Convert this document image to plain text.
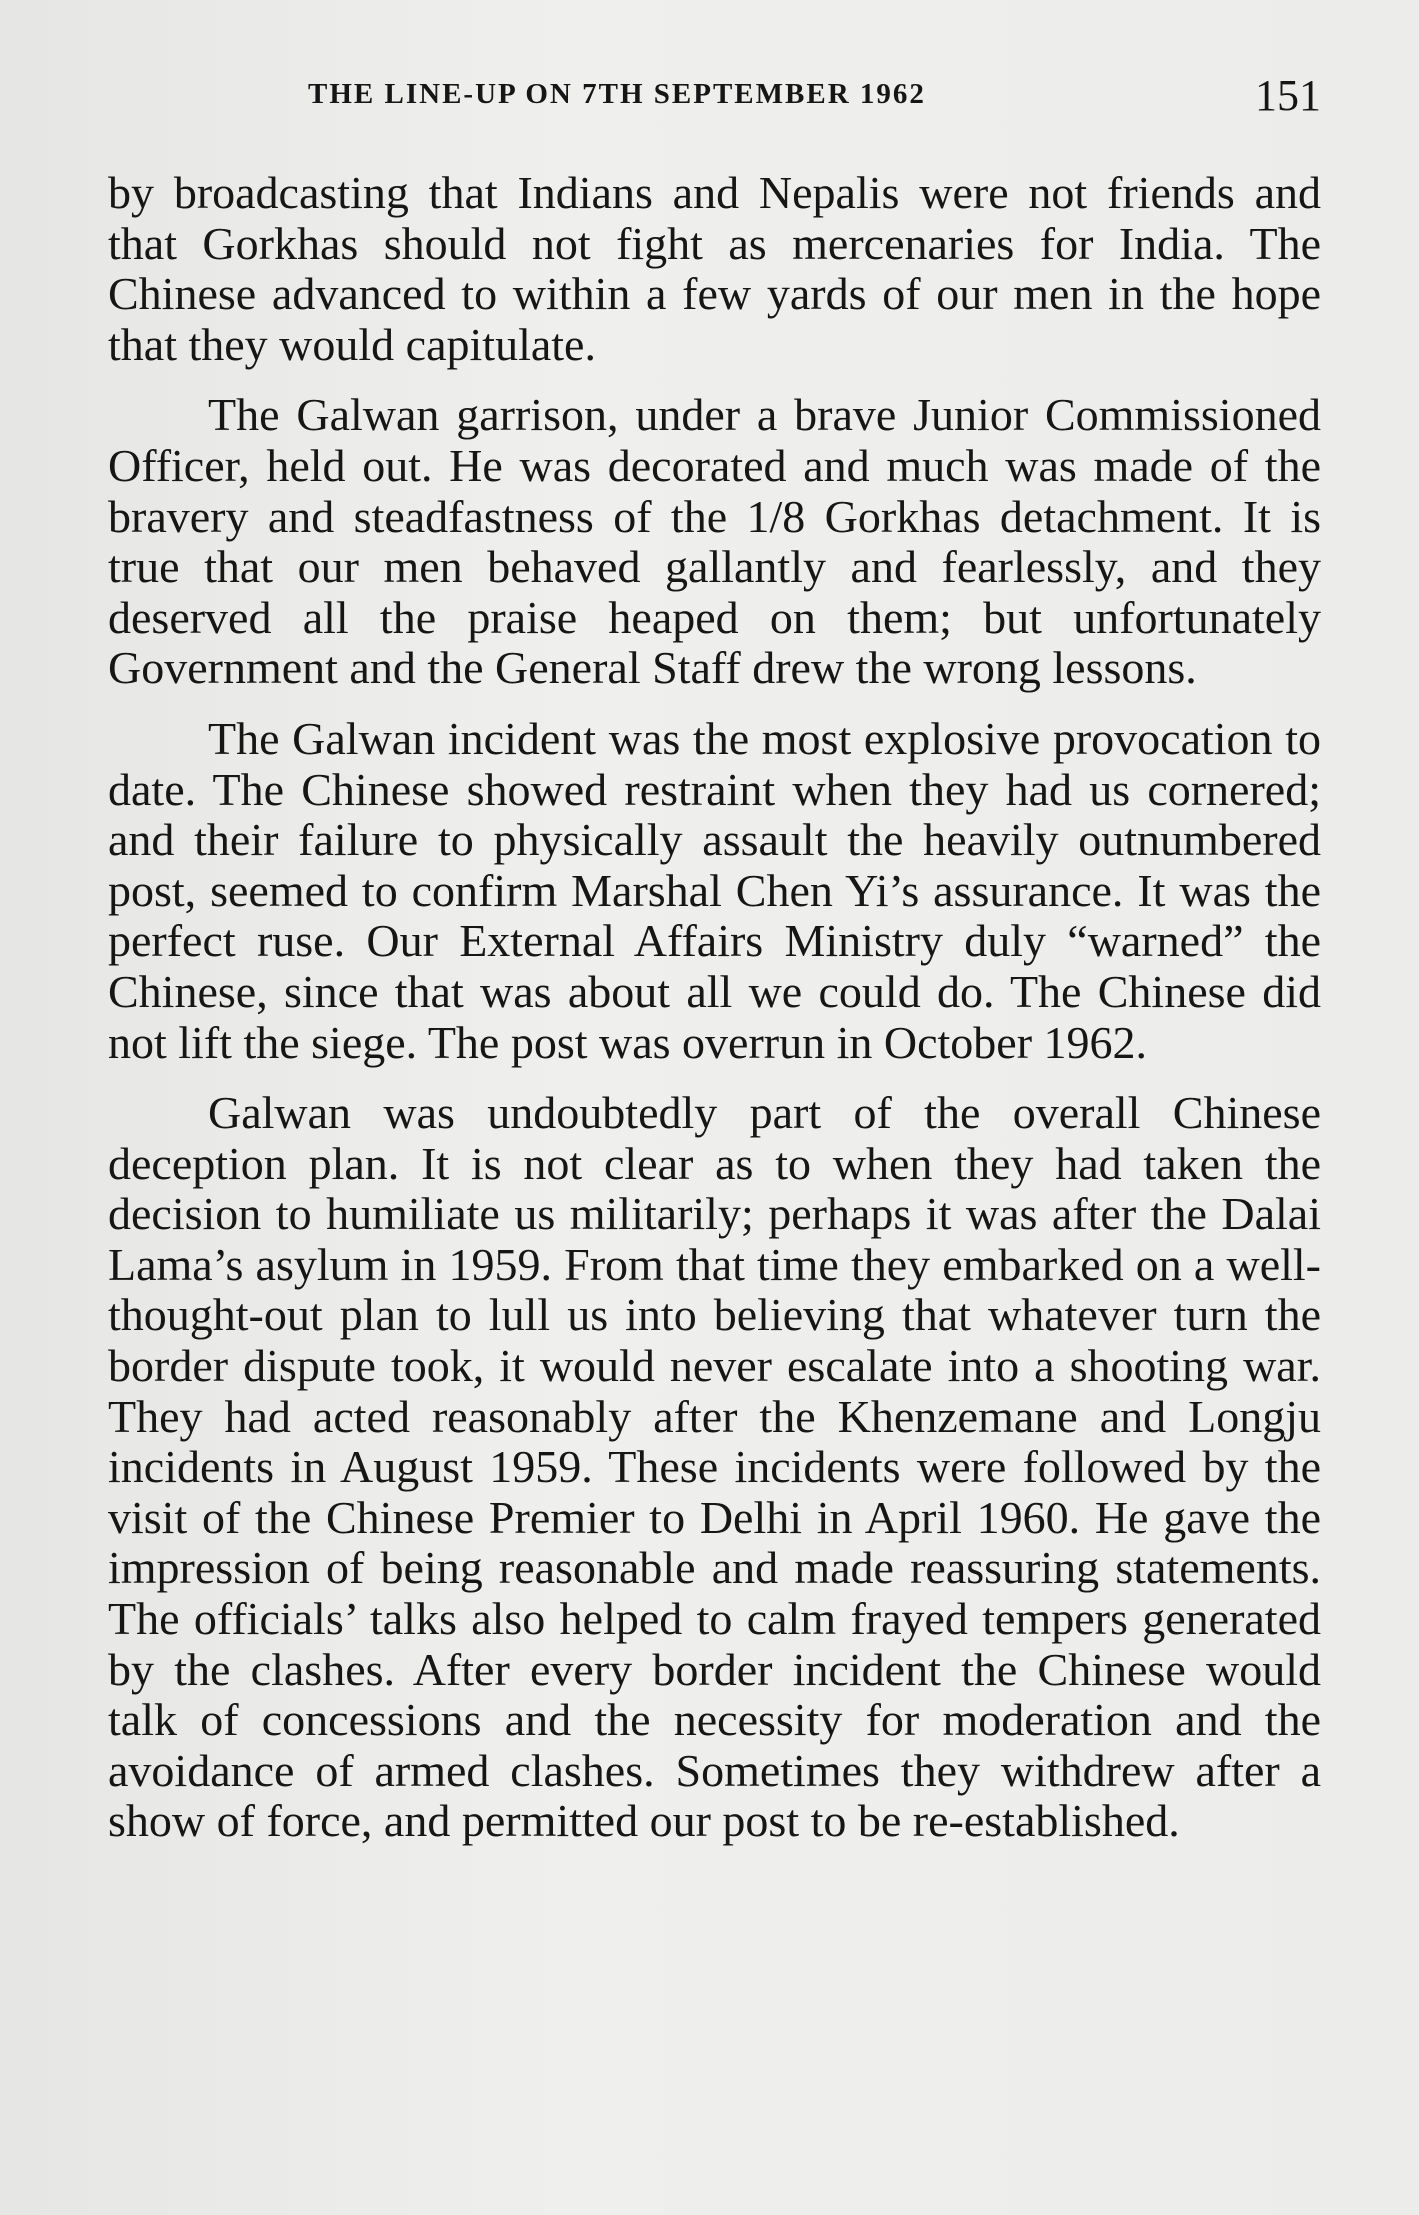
THE LINE-UP ON 7TH SEPTEMBER 1962	151

by broadcasting that Indians and Nepalis were not friends and that Gorkhas should not fight as mercenaries for India. The Chinese advanced to within a few yards of our men in the hope that they would capitulate.

The Galwan garrison, under a brave Junior Commissioned Officer, held out. He was decorated and much was made of the bravery and steadfastness of the 1/8 Gorkhas detachment. It is true that our men behaved gallantly and fearlessly, and they deserved all the praise heaped on them; but unfortunately Government and the General Staff drew the wrong lessons.

The Galwan incident was the most explosive provocation to date. The Chinese showed restraint when they had us cornered; and their failure to physically assault the heavily outnumbered post, seemed to confirm Marshal Chen Yi’s assurance. It was the perfect ruse. Our External Affairs Ministry duly “warned” the Chinese, since that was about all we could do. The Chinese did not lift the siege. The post was overrun in October 1962.

Galwan was undoubtedly part of the overall Chinese deception plan. It is not clear as to when they had taken the decision to humiliate us militarily; perhaps it was after the Dalai Lama’s asylum in 1959. From that time they embarked on a well-thought-out plan to lull us into believing that whatever turn the border dispute took, it would never escalate into a shooting war. They had acted reasonably after the Khenzemane and Longju incidents in August 1959. These incidents were followed by the visit of the Chinese Premier to Delhi in April 1960. He gave the impression of being reasonable and made reassuring statements. The officials’ talks also helped to calm frayed tempers generated by the clashes. After every border incident the Chinese would talk of concessions and the necessity for moderation and the avoidance of armed clashes. Sometimes they withdrew after a show of force, and permitted our post to be re-established.
